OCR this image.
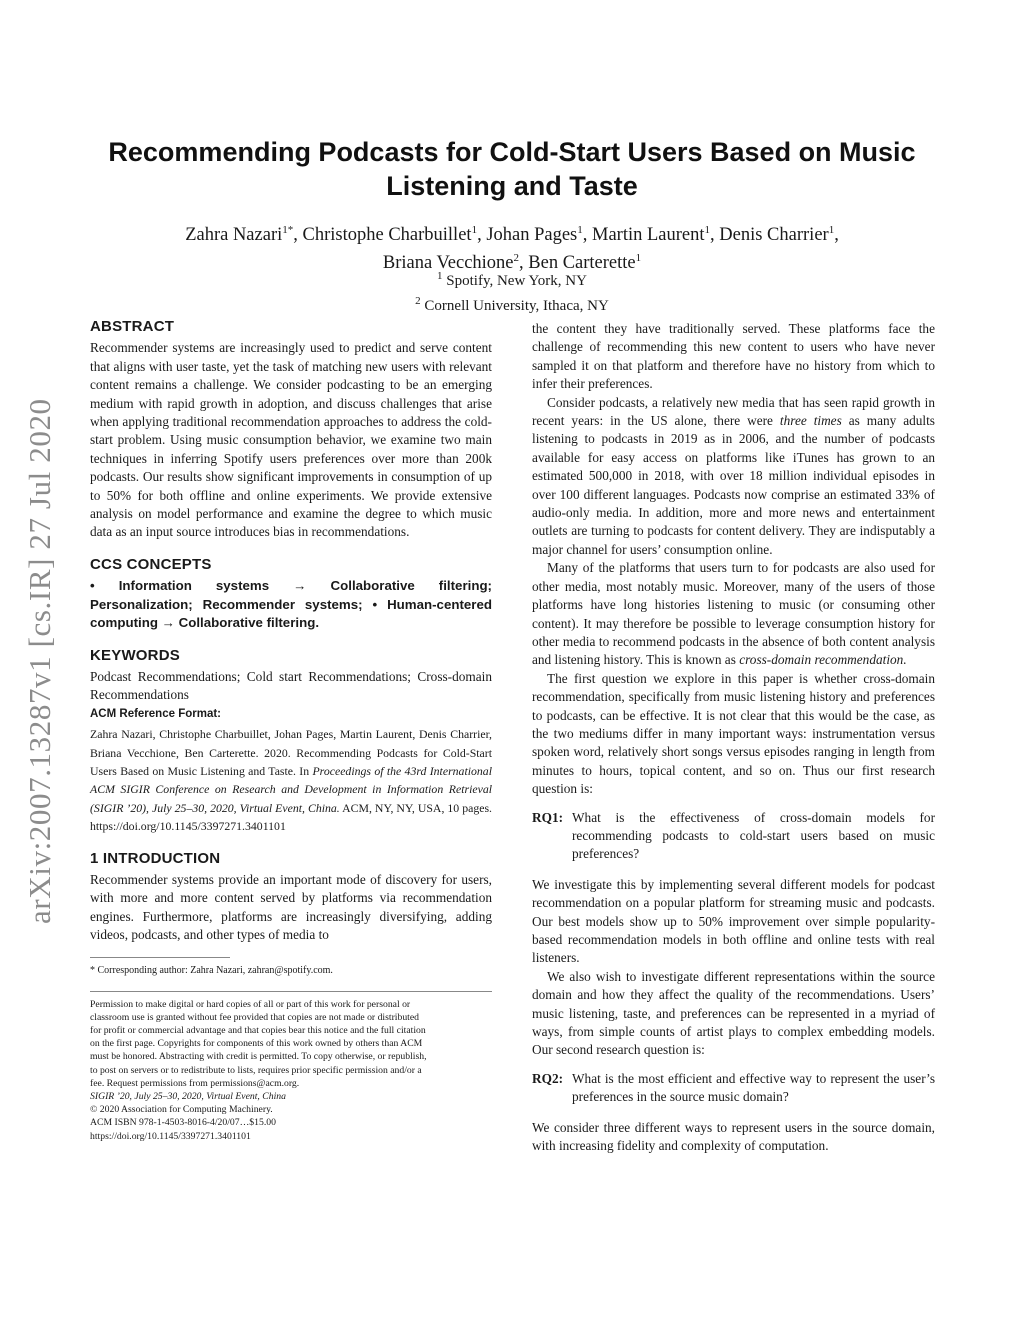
arXiv:2007.13287v1 [cs.IR] 27 Jul 2020
Recommending Podcasts for Cold-Start Users Based on Music Listening and Taste
Zahra Nazari$^{1*}$, Christophe Charbuillet$^1$, Johan Pages$^1$, Martin Laurent$^1$, Denis Charrier$^1$,
Briana Vecchione$^2$, Ben Carterette$^1$
$^1$ Spotify, New York, NY
$^2$ Cornell University, Ithaca, NY
ABSTRACT

Recommender systems are increasingly used to predict and serve content that aligns with user taste, yet the task of matching new users with relevant content remains a challenge. We consider podcasting to be an emerging medium with rapid growth in adoption, and discuss challenges that arise when applying traditional recommendation approaches to address the cold-start problem. Using music consumption behavior, we examine two main techniques in inferring Spotify users preferences over more than 200k podcasts. Our results show significant improvements in consumption of up to 50% for both offline and online experiments. We provide extensive analysis on model performance and examine the degree to which music data as an input source introduces bias in recommendations.

CCS CONCEPTS

• Information systems → Collaborative filtering; Personalization; Recommender systems; • Human-centered computing → Collaborative filtering.

KEYWORDS

Podcast Recommendations; Cold start Recommendations; Cross-domain Recommendations

ACM Reference Format:

Zahra Nazari, Christophe Charbuillet, Johan Pages, Martin Laurent, Denis Charrier, Briana Vecchione, Ben Carterette. 2020. Recommending Podcasts for Cold-Start Users Based on Music Listening and Taste. In Proceedings of the 43rd International ACM SIGIR Conference on Research and Development in Information Retrieval (SIGIR ’20), July 25–30, 2020, Virtual Event, China. ACM, NY, NY, USA, 10 pages. https://doi.org/10.1145/3397271.3401101

1 INTRODUCTION

Recommender systems provide an important mode of discovery for users, with more and more content served by platforms via recommendation engines. Furthermore, platforms are increasingly diversifying, adding videos, podcasts, and other types of media to

* Corresponding author: Zahra Nazari, zahran@spotify.com.
Permission to make digital or hard copies of all or part of this work for personal or
classroom use is granted without fee provided that copies are not made or distributed
for profit or commercial advantage and that copies bear this notice and the full citation
on the first page. Copyrights for components of this work owned by others than ACM
must be honored. Abstracting with credit is permitted. To copy otherwise, or republish,
to post on servers or to redistribute to lists, requires prior specific permission and/or a
fee. Request permissions from permissions@acm.org.
SIGIR ’20, July 25–30, 2020, Virtual Event, China
© 2020 Association for Computing Machinery.
ACM ISBN 978-1-4503-8016-4/20/07…$15.00
https://doi.org/10.1145/3397271.3401101

the content they have traditionally served. These platforms face the challenge of recommending this new content to users who have never sampled it on that platform and therefore have no history from which to infer their preferences.

Consider podcasts, a relatively new media that has seen rapid growth in recent years: in the US alone, there were three times as many adults listening to podcasts in 2019 as in 2006, and the number of podcasts available for easy access on platforms like iTunes has grown to an estimated 500,000 in 2018, with over 18 million individual episodes in over 100 different languages. Podcasts now comprise an estimated 33% of audio-only media. In addition, more and more news and entertainment outlets are turning to podcasts for content delivery. They are indisputably a major channel for users’ consumption online.

Many of the platforms that users turn to for podcasts are also used for other media, most notably music. Moreover, many of the users of those platforms have long histories listening to music (or consuming other content). It may therefore be possible to leverage consumption history for other media to recommend podcasts in the absence of both content analysis and listening history. This is known as cross-domain recommendation.

The first question we explore in this paper is whether cross-domain recommendation, specifically from music listening history and preferences to podcasts, can be effective. It is not clear that this would be the case, as the two mediums differ in many important ways: instrumentation versus spoken word, relatively short songs versus episodes ranging in length from minutes to hours, topical content, and so on. Thus our first research question is:

RQ1: What is the effectiveness of cross-domain models for recommending podcasts to cold-start users based on music preferences?

We investigate this by implementing several different models for podcast recommendation on a popular platform for streaming music and podcasts. Our best models show up to 50% improvement over simple popularity-based recommendation models in both offline and online tests with real listeners.

We also wish to investigate different representations within the source domain and how they affect the quality of the recommendations. Users’ music listening, taste, and preferences can be represented in a myriad of ways, from simple counts of artist plays to complex embedding models. Our second research question is:

RQ2: What is the most efficient and effective way to represent the user’s preferences in the source music domain?

We consider three different ways to represent users in the source domain, with increasing fidelity and complexity of computation.
